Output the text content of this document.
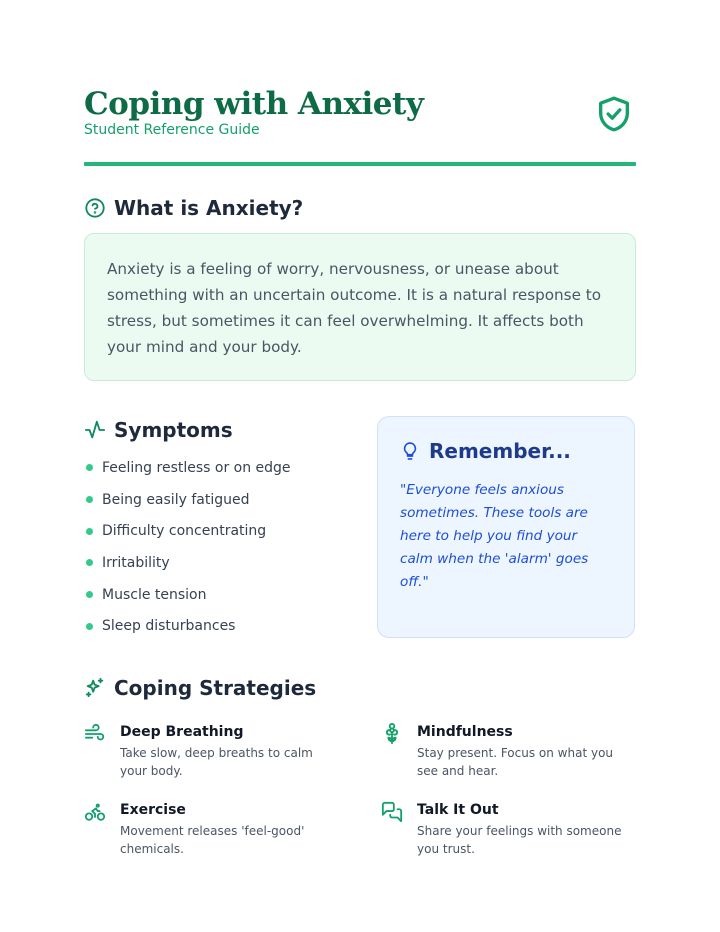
Coping with Anxiety
Student Reference Guide
What is Anxiety?

Anxiety is a feeling of worry, nervousness, or unease about something with an uncertain outcome. It is a natural response to stress, but sometimes it can feel overwhelming. It affects both your mind and your body.

Symptoms
Feeling restless or on edge
Being easily fatigued
Difficulty concentrating
Irritability
Muscle tension
Sleep disturbances
Remember...
"Everyone feels anxious sometimes. These tools are here to help you find your calm when the 'alarm' goes off."
Coping Strategies
Deep Breathing
Take slow, deep breaths to calm your body.
Mindfulness
Stay present. Focus on what you see and hear.
Exercise
Movement releases 'feel-good' chemicals.
Talk It Out
Share your feelings with someone you trust.
